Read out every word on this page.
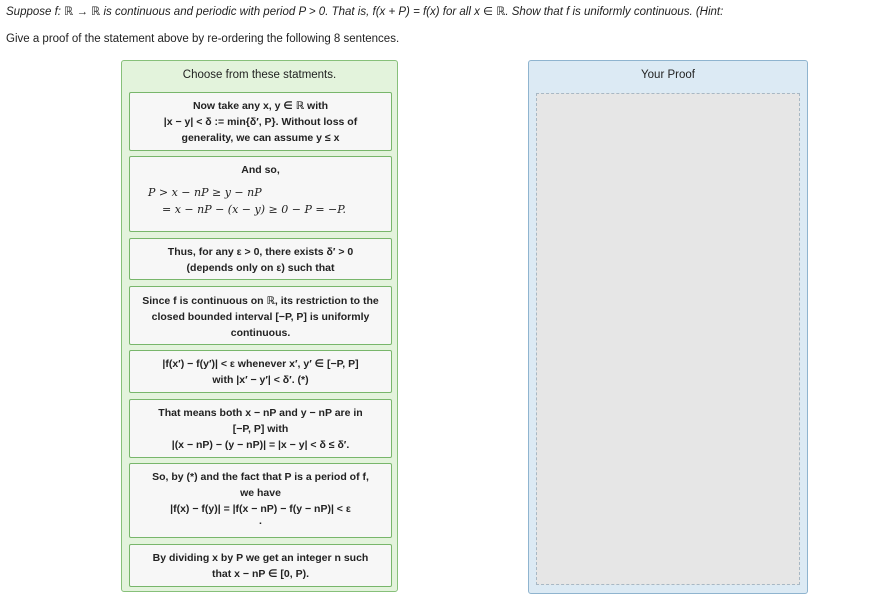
Suppose f: ℝ → ℝ is continuous and periodic with period P > 0. That is, f(x + P) = f(x) for all x ∈ ℝ. Show that f is uniformly continuous. (Hint:
Give a proof of the statement above by re-ordering the following 8 sentences.
Choose from these statments.
Now take any x, y ∈ ℝ with
|x − y| < δ := min{δ′, P}. Without loss of
generality, we can assume y ≤ x
And so,
P > x − nP ≥ y − nP
= x − nP − (x − y) ≥ 0 − P = −P.
Thus, for any ε > 0, there exists δ′ > 0
(depends only on ε) such that
Since f is continuous on ℝ, its restriction to the
closed bounded interval [−P, P] is uniformly
continuous.
|f(x′) − f(y′)| < ε whenever x′, y′ ∈ [−P, P]
with |x′ − y′| < δ′. (*)
That means both x − nP and y − nP are in
[−P, P] with
|(x − nP) − (y − nP)| = |x − y| < δ ≤ δ′.
So, by (*) and the fact that P is a period of f,
we have
|f(x) − f(y)| = |f(x − nP) − f(y − nP)| < ε
.
By dividing x by P we get an integer n such
that x − nP ∈ [0, P).
Your Proof
